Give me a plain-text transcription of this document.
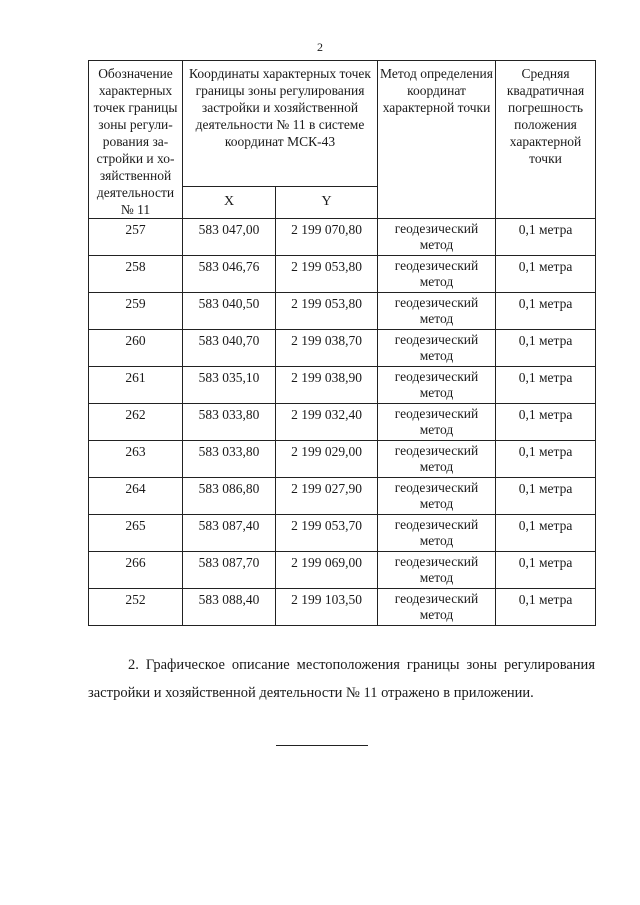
2
Обозначение характерных точек границы зоны регулирования застройки и хозяйственной деятельности № 11	Координаты характерных точек границы зоны регулирования застройки и хозяйственной деятельности № 11 в системе координат МСК-43		Метод определения координат характерной точки	Средняя квадратичная погрешность положения характерной точки
	X	Y		
257	583 047,00	2 199 070,80	геодезический метод	0,1 метра
258	583 046,76	2 199 053,80	геодезический метод	0,1 метра
259	583 040,50	2 199 053,80	геодезический метод	0,1 метра
260	583 040,70	2 199 038,70	геодезический метод	0,1 метра
261	583 035,10	2 199 038,90	геодезический метод	0,1 метра
262	583 033,80	2 199 032,40	геодезический метод	0,1 метра
263	583 033,80	2 199 029,00	геодезический метод	0,1 метра
264	583 086,80	2 199 027,90	геодезический метод	0,1 метра
265	583 087,40	2 199 053,70	геодезический метод	0,1 метра
266	583 087,70	2 199 069,00	геодезический метод	0,1 метра
252	583 088,40	2 199 103,50	геодезический метод	0,1 метра

2. Графическое описание местоположения границы зоны регулирования застройки и хозяйственной деятельности № 11 отражено в приложении.
